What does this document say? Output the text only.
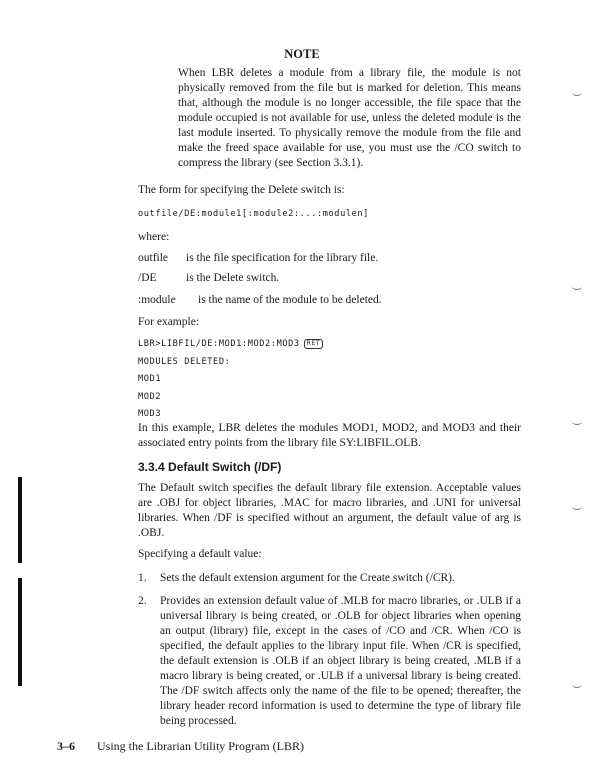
NOTE

When LBR deletes a module from a library file, the module is not physically removed from the file but is marked for deletion. This means that, although the module is no longer accessible, the file space that the module occupied is not available for use, unless the deleted module is the last module inserted. To physically remove the module from the file and make the freed space available for use, you must use the /CO switch to compress the library (see Section 3.3.1).

The form for specifying the Delete switch is:
outfile/DE:module1[:module2:...:modulen]
where:
outfile is the file specification for the library file.
/DE	is the Delete switch.
:module is the name of the module to be deleted.
For example:
LBR>LIBFIL/DE:MOD1:MOD2:MOD3 RET
MODULES DELETED:
MOD1
MOD2
MOD3

In this example, LBR deletes the modules MOD1, MOD2, and MOD3 and their associated entry points from the library file SY:LIBFIL.OLB.

3.3.4 Default Switch (/DF)

The Default switch specifies the default library file extension. Acceptable values are .OBJ for object libraries, .MAC for macro libraries, and .UNI for universal libraries. When /DF is specified without an argument, the default value of arg is .OBJ.

Specifying a default value:
1.	Sets the default extension argument for the Create switch (/CR).
2.	Provides an extension default value of .MLB for macro libraries, or .ULB if a universal library is being created, or .OLB for object libraries when opening an output (library) file, except in the cases of /CO and /CR. When /CO is specified, the default applies to the library input file. When /CR is specified, the default extension is .OLB if an object library is being created, .MLB if a macro library is being created, or .ULB if a universal library is being created. The /DF switch affects only the name of the file to be opened; thereafter, the library header record information is used to determine the type of library file being processed.
3–6 Using the Librarian Utility Program (LBR)
